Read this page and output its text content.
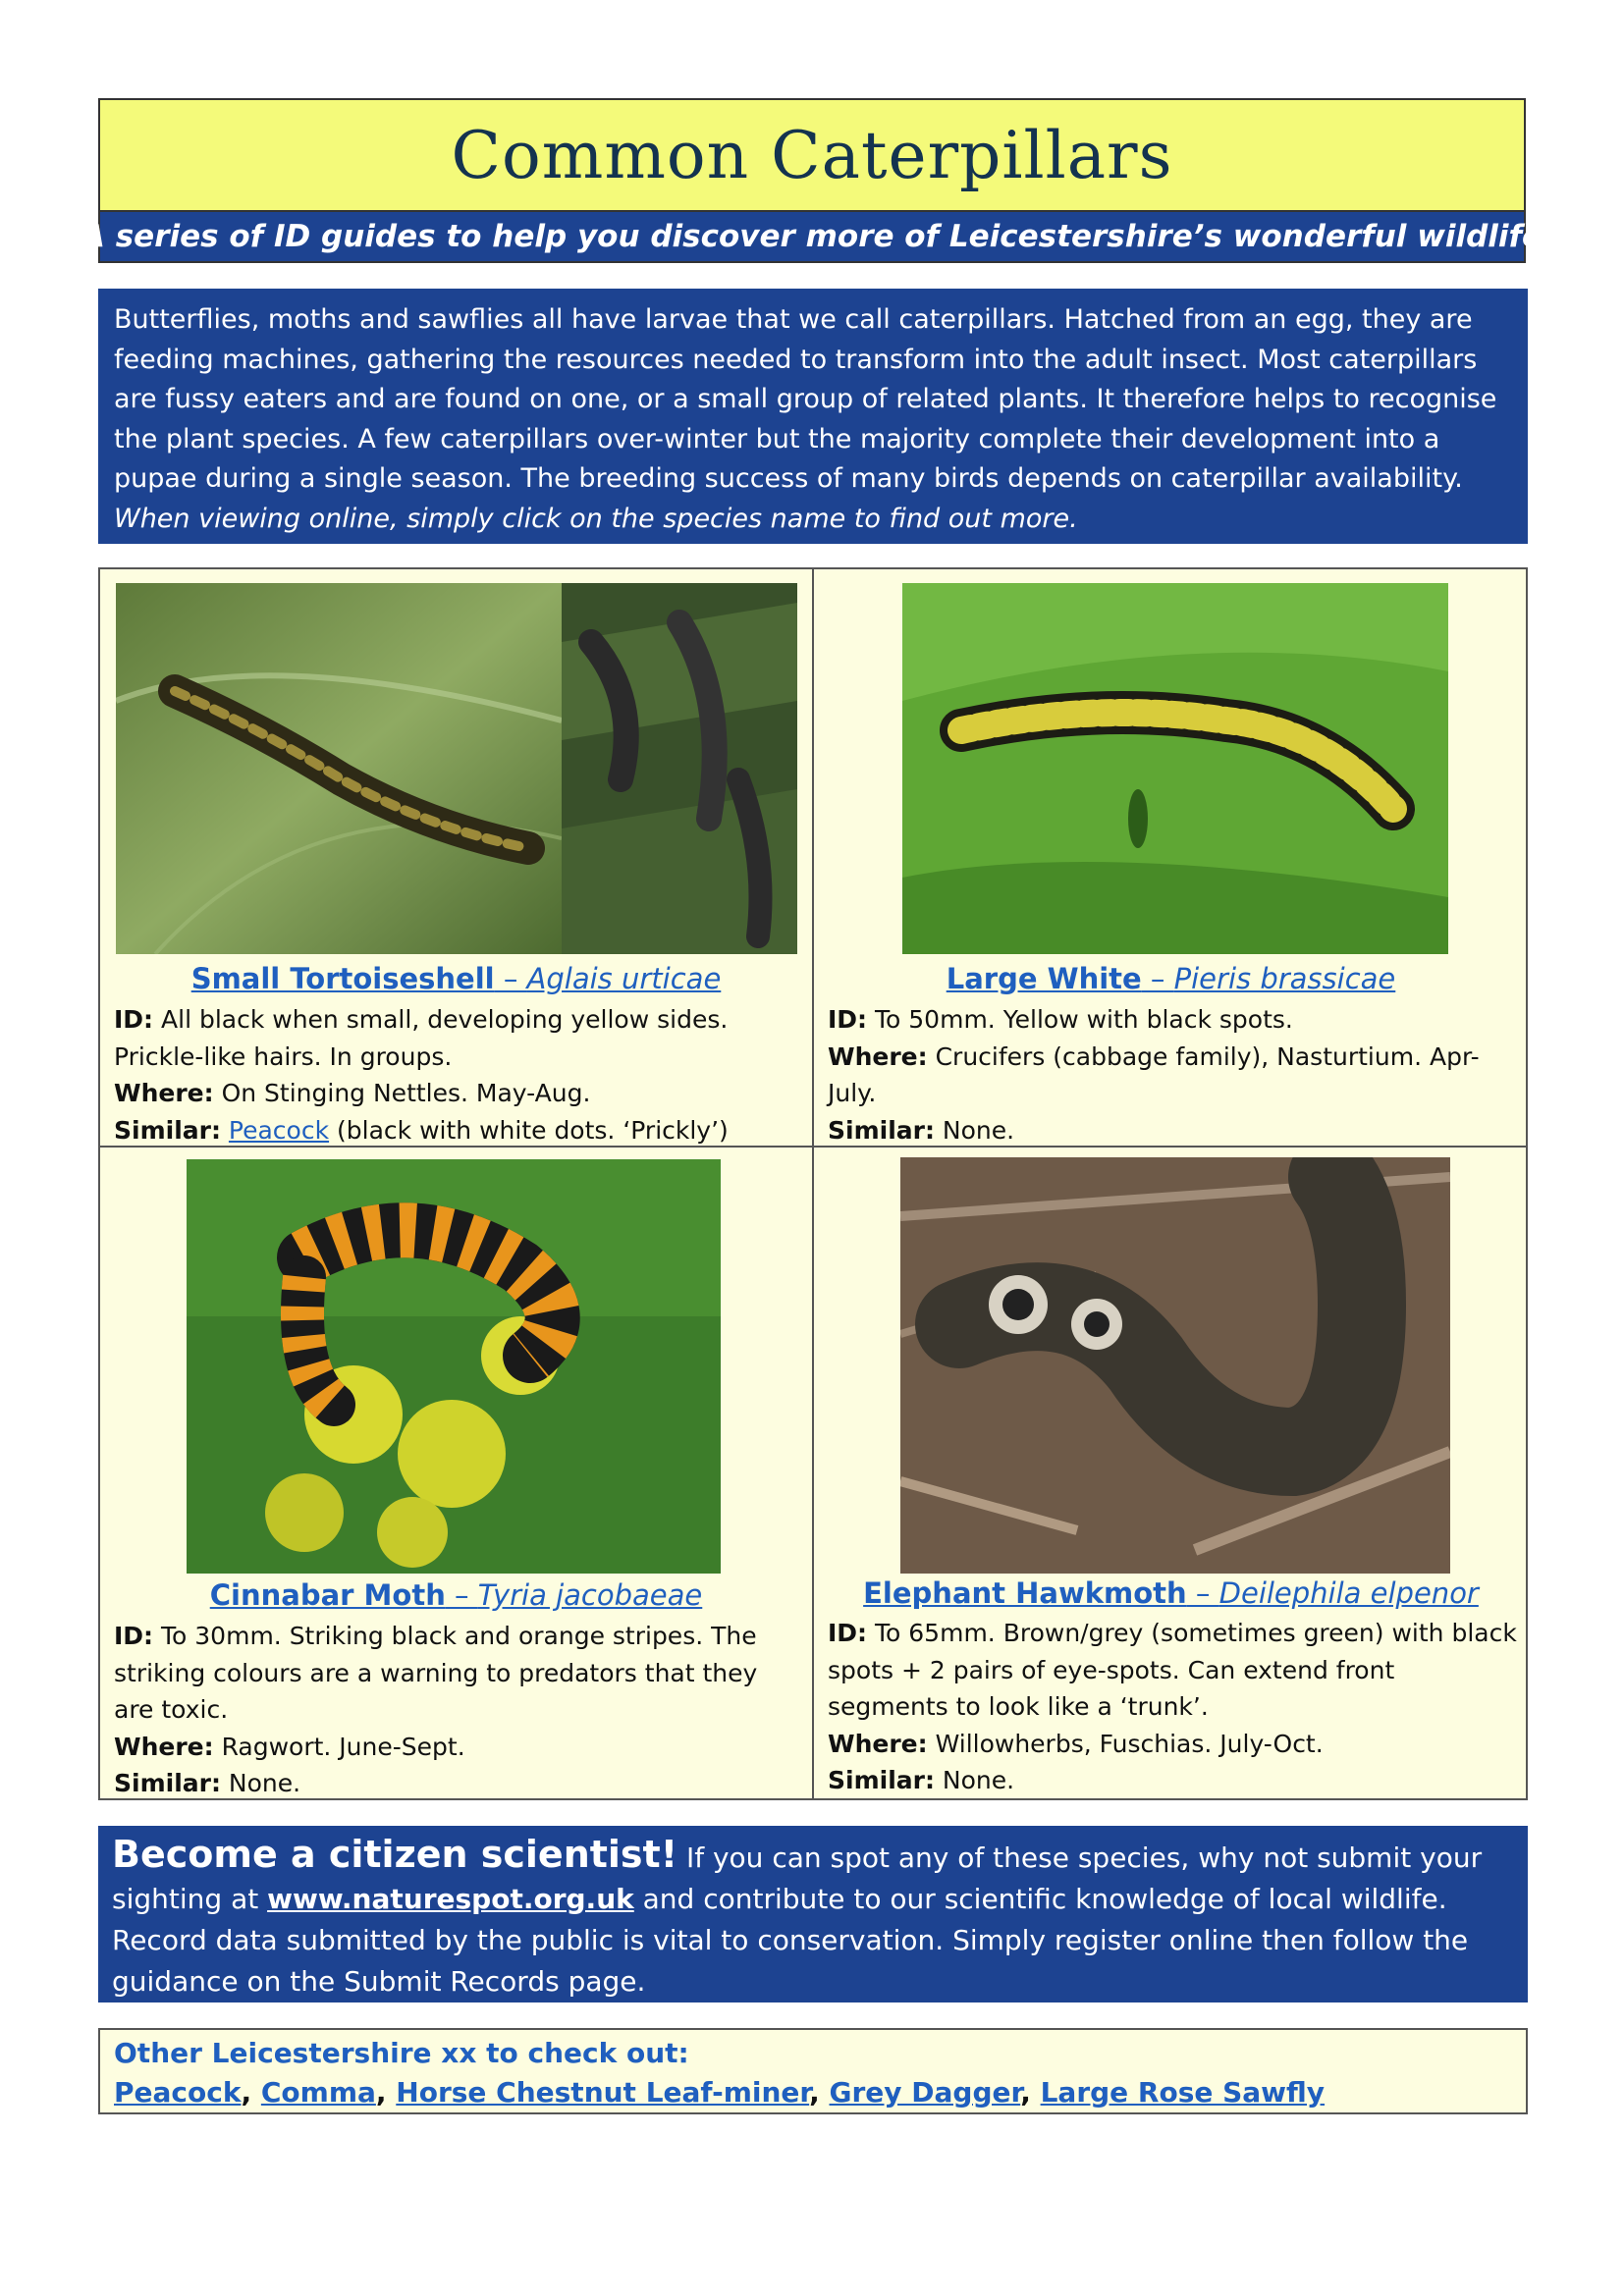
Common Caterpillars
A series of ID guides to help you discover more of Leicestershire’s wonderful wildlife

Butterflies, moths and sawflies all have larvae that we call caterpillars. Hatched from an egg, they are feeding machines, gathering the resources needed to transform into the adult insect. Most caterpillars are fussy eaters and are found on one, or a small group of related plants. It therefore helps to recognise the plant species. A few caterpillars over-winter but the majority complete their development into a pupae during a single season. The breeding success of many birds depends on caterpillar availability. When viewing online, simply click on the species name to find out more.

Small Tortoiseshell – Aglais urticae
ID: All black when small, developing yellow sides. Prickle-like hairs. In groups.
Where: On Stinging Nettles. May-Aug.
Similar: Peacock (black with white dots. ‘Prickly’)
Large White – Pieris brassicae
ID: To 50mm. Yellow with black spots.
Where: Crucifers (cabbage family), Nasturtium. Apr-July.
Similar: None.
Cinnabar Moth – Tyria jacobaeae
ID: To 30mm. Striking black and orange stripes. The striking colours are a warning to predators that they are toxic.
Where: Ragwort. June-Sept.
Similar: None.
Elephant Hawkmoth – Deilephila elpenor
ID: To 65mm. Brown/grey (sometimes green) with black spots + 2 pairs of eye-spots. Can extend front segments to look like a ‘trunk’.
Where: Willowherbs, Fuschias. July-Oct.
Similar: None.
Become a citizen scientist! If you can spot any of these species, why not submit your sighting at www.naturespot.org.uk and contribute to our scientific knowledge of local wildlife. Record data submitted by the public is vital to conservation. Simply register online then follow the guidance on the Submit Records page.
Other Leicestershire xx to check out:
Peacock, Comma, Horse Chestnut Leaf-miner, Grey Dagger, Large Rose Sawfly
